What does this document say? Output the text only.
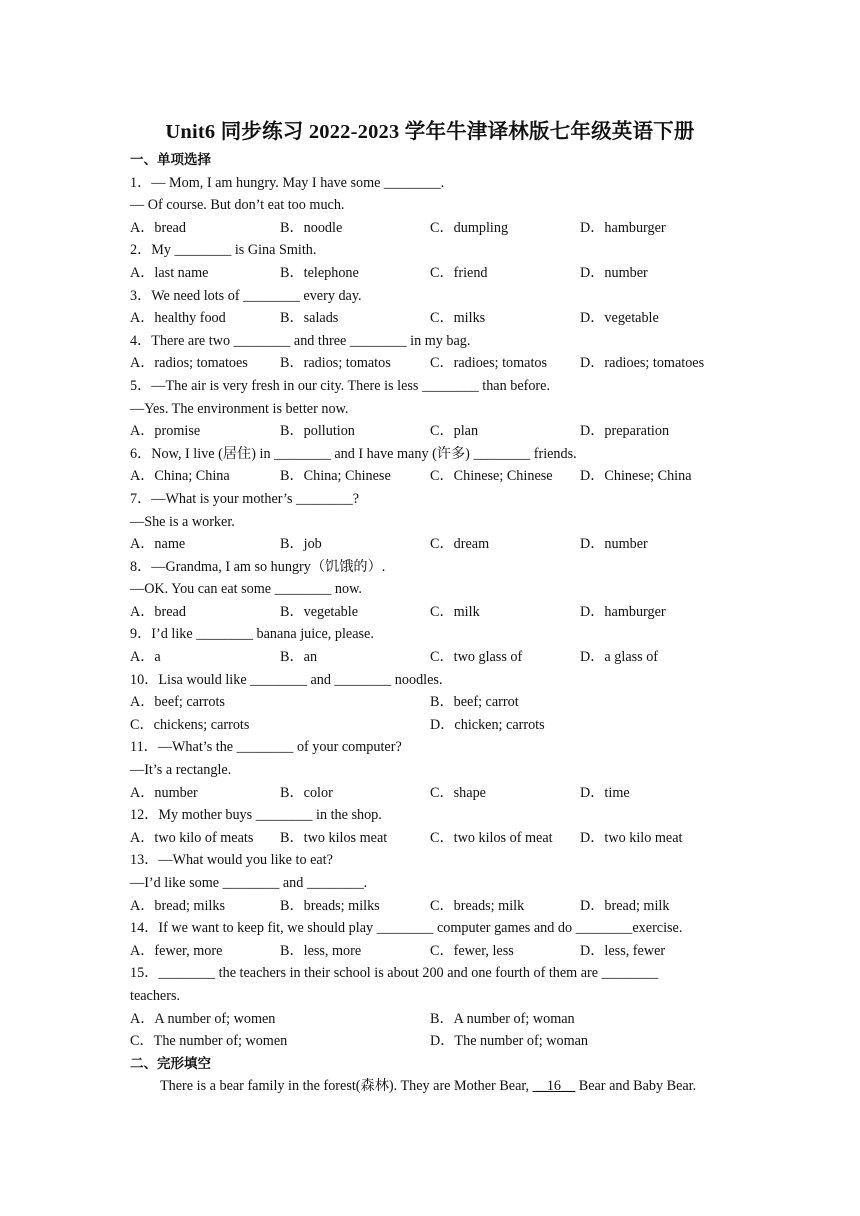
Unit6 同步练习 2022-2023 学年牛津译林版七年级英语下册
一、单项选择
1．— Mom, I am hungry. May I have some ________.
— Of course. But don’t eat too much.
A．bread	B．noodle	C．dumpling	D．hamburger
2．My ________ is Gina Smith.
A．last name	B．telephone	C．friend	D．number
3．We need lots of ________ every day.
A．healthy food	B．salads	C．milks	D．vegetable
4．There are two ________ and three ________ in my bag.
A．radios; tomatoes B．radios; tomatos	C．radioes; tomatos D．radioes; tomatoes
5．—The air is very fresh in our city. There is less ________ than before.
—Yes. The environment is better now.
A．promise	B．pollution	C．plan	D．preparation
6．Now, I live (居住) in ________ and I have many (许多) ________ friends.
A．China; China	B．China; Chinese	C．Chinese; Chinese D．Chinese; China
7．—What is your mother’s ________?
—She is a worker.
A．name	B．job	C．dream	D．number
8．—Grandma, I am so hungry（饥饿的）.
—OK. You can eat some ________ now.
A．bread	B．vegetable	C．milk	D．hamburger
9．I’d like ________ banana juice, please.
A．a	B．an	C．two glass of	D．a glass of
10．Lisa would like ________ and ________ noodles.
A．beef; carrots	B．beef; carrot
C．chickens; carrots	D．chicken; carrots
11．—What’s the ________ of your computer?
—It’s a rectangle.
A．number	B．color	C．shape	D．time
12．My mother buys ________ in the shop.
A．two kilo of meats B．two kilos meat	C．two kilos of meat D．two kilo meat
13．—What would you like to eat?
—I’d like some ________ and ________.
A．bread; milks	B．breads; milks	C．breads; milk	D．bread; milk
14．If we want to keep fit, we should play ________ computer games and do ________exercise.
A．fewer, more	B．less, more	C．fewer, less	D．less, fewer
15．________ the teachers in their school is about 200 and one fourth of them are ________
teachers.
A．A number of; women	B．A number of; woman
C．The number of; women	D．The number of; woman
二、完形填空
There is a bear family in the forest(森林). They are Mother Bear, __16__ Bear and Baby Bear.
